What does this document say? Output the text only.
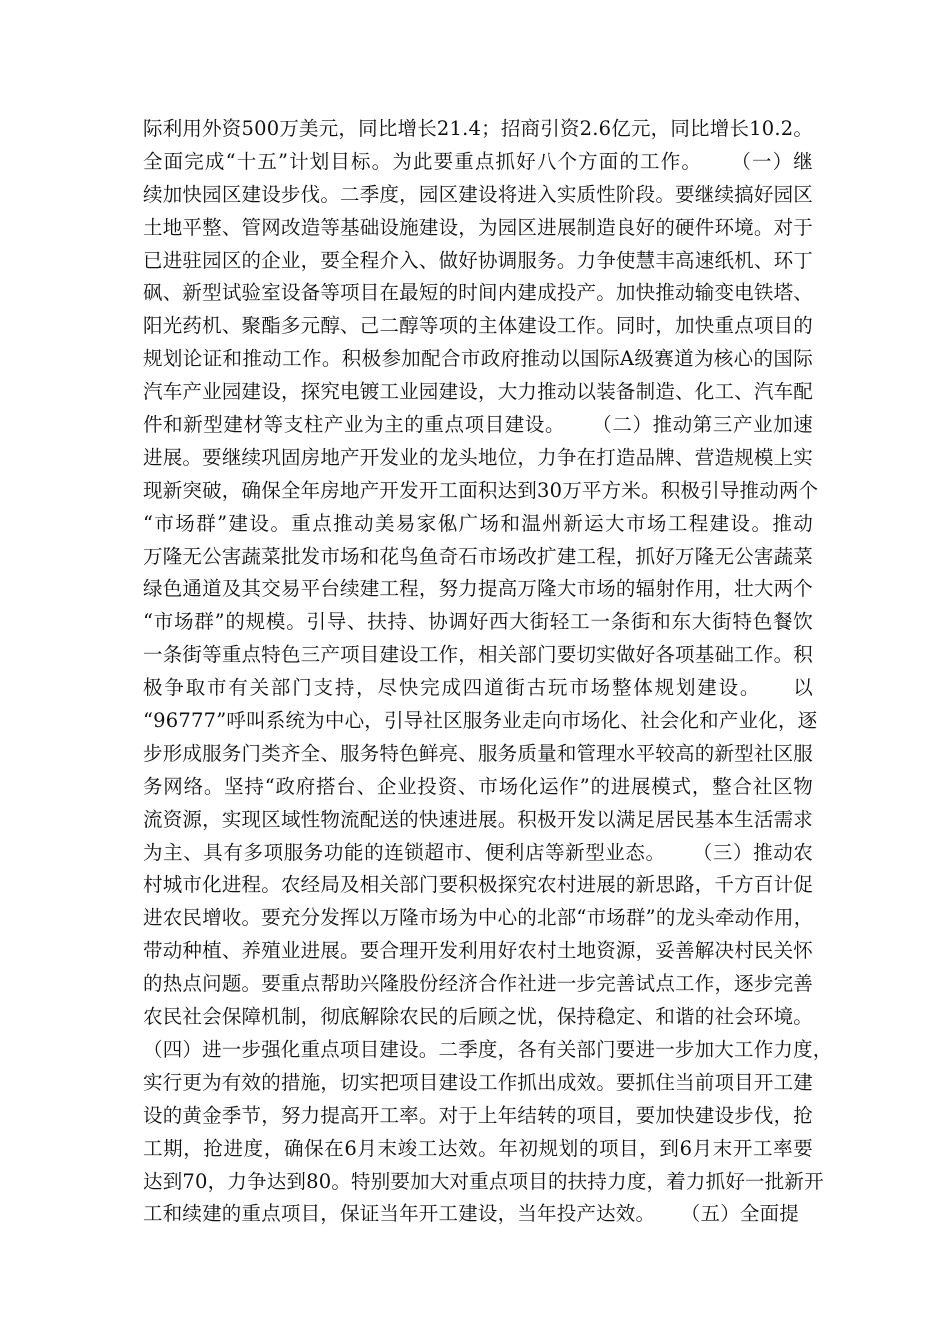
际利用外资500万美元，同比增长21.4；招商引资2.6亿元，同比增长10.2。
全面完成“十五”计划目标。为此要重点抓好八个方面的工作。    （一）继
续加快园区建设步伐。二季度，园区建设将进入实质性阶段。要继续搞好园区
土地平整、管网改造等基础设施建设，为园区进展制造良好的硬件环境。对于
已进驻园区的企业，要全程介入、做好协调服务。力争使慧丰高速纸机、环丁
砜、新型试验室设备等项目在最短的时间内建成投产。加快推动输变电铁塔、
阳光药机、聚酯多元醇、己二醇等项的主体建设工作。同时，加快重点项目的
规划论证和推动工作。积极参加配合市政府推动以国际A级赛道为核心的国际
汽车产业园建设，探究电镀工业园建设，大力推动以装备制造、化工、汽车配
件和新型建材等支柱产业为主的重点项目建设。    （二）推动第三产业加速
进展。要继续巩固房地产开发业的龙头地位，力争在打造品牌、营造规模上实
现新突破，确保全年房地产开发开工面积达到30万平方米。积极引导推动两个
“市场群”建设。重点推动美易家俬广场和温州新运大市场工程建设。推动
万隆无公害蔬菜批发市场和花鸟鱼奇石市场改扩建工程，抓好万隆无公害蔬菜
绿色通道及其交易平台续建工程，努力提高万隆大市场的辐射作用，壮大两个
“市场群”的规模。引导、扶持、协调好西大街轻工一条街和东大街特色餐饮
一条街等重点特色三产项目建设工作，相关部门要切实做好各项基础工作。积
极争取市有关部门支持，尽快完成四道街古玩市场整体规划建设。    以
“96777”呼叫系统为中心，引导社区服务业走向市场化、社会化和产业化，逐
步形成服务门类齐全、服务特色鲜亮、服务质量和管理水平较高的新型社区服
务网络。坚持“政府搭台、企业投资、市场化运作”的进展模式，整合社区物
流资源，实现区域性物流配送的快速进展。积极开发以满足居民基本生活需求
为主、具有多项服务功能的连锁超市、便利店等新型业态。    （三）推动农
村城市化进程。农经局及相关部门要积极探究农村进展的新思路，千方百计促
进农民增收。要充分发挥以万隆市场为中心的北部“市场群”的龙头牵动作用，
带动种植、养殖业进展。要合理开发利用好农村土地资源，妥善解决村民关怀
的热点问题。要重点帮助兴隆股份经济合作社进一步完善试点工作，逐步完善
农民社会保障机制，彻底解除农民的后顾之忧，保持稳定、和谐的社会环境。
（四）进一步强化重点项目建设。二季度，各有关部门要进一步加大工作力度，
实行更为有效的措施，切实把项目建设工作抓出成效。要抓住当前项目开工建
设的黄金季节，努力提高开工率。对于上年结转的项目，要加快建设步伐，抢
工期，抢进度，确保在6月末竣工达效。年初规划的项目，到6月末开工率要
达到70，力争达到80。特别要加大对重点项目的扶持力度，着力抓好一批新开
工和续建的重点项目，保证当年开工建设，当年投产达效。    （五）全面提
